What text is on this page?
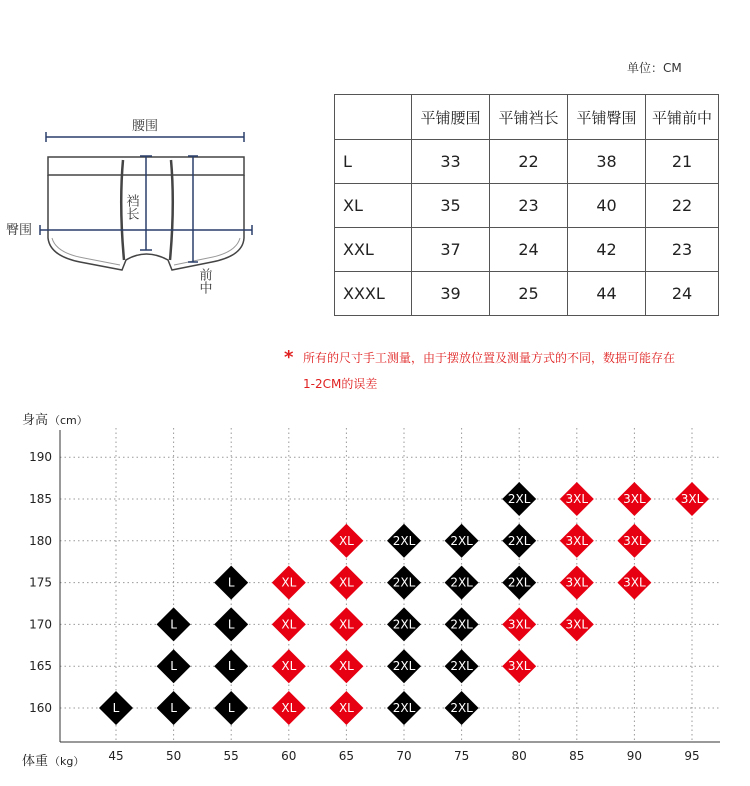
单位：CM
腰围
裆长
臀围
前中
	平铺腰围	平铺裆长	平铺臀围	平铺前中
L	33	22	38	21
XL	35	23	40	22
XXL	37	24	42	23
XXXL	39	25	44	24
* 所有的尺寸手工测量，由于摆放位置及测量方式的不同，数据可能存在
1-2CM的误差
身高 （cm）
体重 （kg） 45	50	55	60	65	70	75	80	85	90	95
160
165
170
175
180
185
190
L	L
L
L
L
L
L
L
XL
XL
XL
XL
XL
XL
XL
XL
XL
2XL
2XL
2XL
2XL
2XL
2XL
2XL
2XL
2XL
2XL
2XL
2XL
2XL
3XL
3XL	3XL
3XL
3XL
3XL
3XL
3XL
3XL	3XL
